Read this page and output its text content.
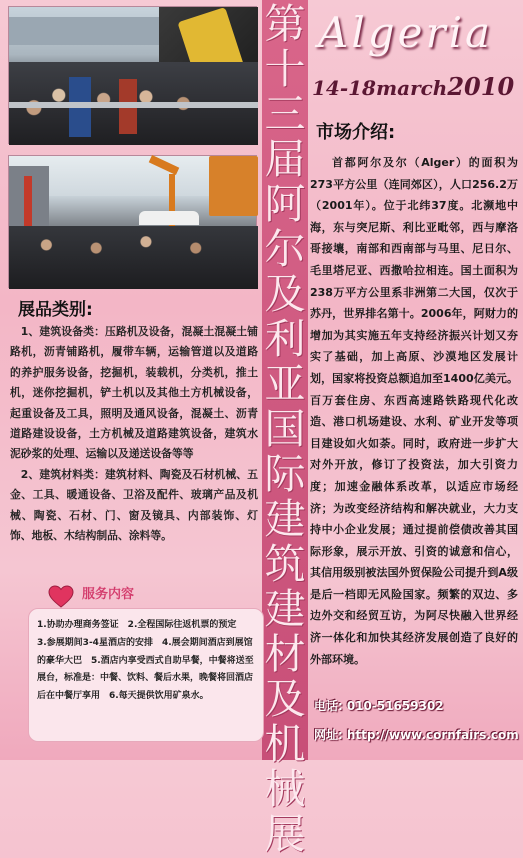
第十三届阿尔及利亚国际建筑建材及机械展
Algeria
14-18march2010
市场介绍:
首都阿尔及尔（Alger）的面积为273平方公里（连同郊区），人口256.2万（2001年）。位于北纬37度。北濒地中海，东与突尼斯、利比亚毗邻，西与摩洛哥接壤，南部和西南部与马里、尼日尔、毛里塔尼亚、西撒哈拉相连。国土面积为238万平方公里系非洲第二大国，仅次于苏丹，世界排名第十。2006年，阿财力的增加为其实施五年支持经济振兴计划又夯实了基础，加上高原、沙漠地区发展计划，国家将投资总额追加至1400亿美元。百万套住房、东西高速路铁路现代化改造、港口机场建设、水利、矿业开发等项目建设如火如荼。同时，政府进一步扩大对外开放，修订了投资法，加大引资力度；加速金融体系改革，以适应市场经济；为改变经济结构和解决就业，大力支持中小企业发展；通过提前偿债改善其国际形象，展示开放、引资的诚意和信心，其信用级别被法国外贸保险公司提升到A级是后一档即无风险国家。频繁的双边、多边外交和经贸互访，为阿尽快融入世界经济一体化和加快其经济发展创造了良好的外部环境。
展品类别:

1、建筑设备类：压路机及设备，混凝土混凝土铺路机，沥青铺路机，履带车辆，运输管道以及道路的养护服务设备，挖掘机，装载机，分类机，推土机，迷你挖掘机，铲土机以及其他土方机械设备，起重设备及工具，照明及通风设备，混凝土、沥青道路建设设备，土方机械及道路建筑设备，建筑水泥砂浆的处理、运输以及递送设备等等

2、建筑材料类：建筑材料、陶瓷及石材机械、五金、工具、暖通设备、卫浴及配件、玻璃产品及机械、陶瓷、石材、门、窗及镜具、内部装饰、灯饰、地板、木结构制品、涂料等。

服务内容
1.协助办理商务签证　2.全程国际往返机票的预定　3.参展期间3-4星酒店的安排　4.展会期间酒店到展馆的豪华大巴　5.酒店内享受西式自助早餐，中餐将送至展台，标准是：中餐、饮料、餐后水果，晚餐将回酒店后在中餐厅享用　6.每天提供饮用矿泉水。
电话: 010-51659302
网址: http://www.cornfairs.com
